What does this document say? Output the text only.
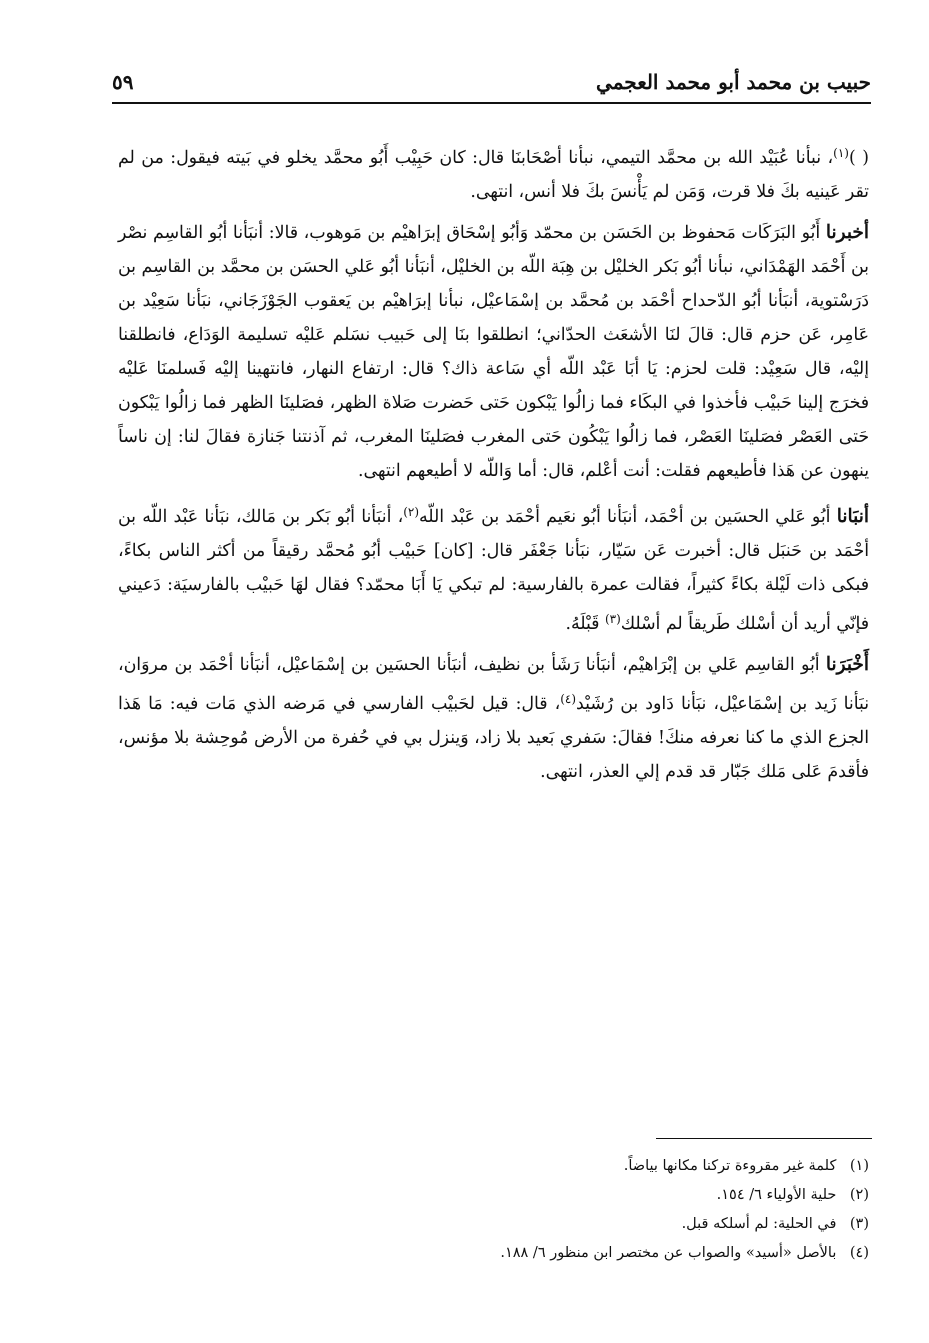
حبيب بن محمد أبو محمد العجمي
٥٩

( )$^{(١)}$، نبأنا عُبَيْد الله بن محمَّد التيمي، نبأنا أصْحَابنَا قال: كان حَبِيْب أَبُو محمَّد يخلو في بَيته فيقول: من لم تقر عَينيه بكَ فلا قرت، وَمَن لم يَأْنسَ بكَ فلا أنس، انتهى.

أخبرنا أَبُو البَرَكَات مَحفوظ بن الحَسَن بن محمّد وَأبُو إسْحَاق إبرَاهيْم بن مَوهوب، قالا: أنبَأنا أبُو القاسِم نصْر بن أَحْمَد الهَمْدَاني، نبأنا أبُو بَكر الخليْل بن هِبَة اللّه بن الخليْل، أنبَأنا أبُو عَلي الحسَن بن محمَّد بن القاسِم بن دَرَسْتوية، أنبَأنا أبُو الدّحداح أحْمَد بن مُحمَّد بن إسْمَاعيْل، نبأنا إبرَاهيْم بن يَعقوب الجَوْزَجَاني، نبَأنا سَعِيْد بن عَامِر، عَن حزم قال: قالَ لنَا الأشعَث الحدّاني؛ انطلقوا بنَا إلى حَبيب نسَلم عَليْه تسليمة الوَدَاع، فانطلقنا إليْه، قال سَعِيْد: قلت لحزم: يَا أبَا عَبْد اللّه أي سَاعة ذاك؟ قال: ارتفاع النهار، فانتهينا إليْه فَسلمنَا عَليْه فخرَج إلينا حَبيْب فأخذوا في البكَاء فما زالُوا يَبْكون حَتى حَضرت صَلاة الظهر، فصَلينَا الظهر فما زالُوا يَبْكون حَتى العَصْر فصَلينَا العَصْر، فما زالُوا يَبْكُون حَتى المغرب فصَلينَا المغرب، ثم آذنتنا جَنازة فقالَ لنا: إن ناساً ينهون عن هَذا فأطيعهم فقلت: أنت أعْلم، قال: أما وَاللّه لا أطيعهم انتهى.

أنبَانا أبُو عَلي الحسَين بن أحْمَد، أنبَأنا أبُو نعَيم أحْمَد بن عَبْد اللّه$^{(٢)}$، أنبَأنا أبُو بَكر بن مَالك، نبَأنا عَبْد اللّه بن أحْمَد بن حَنبَل قال: أخبرت عَن سَيّار، نبَأنا جَعْفَر قال: [كان] حَبيْب أبُو مُحمَّد رقيقاً من أكثر الناس بكاءً، فبكى ذات لَيْلة بكاءً كثيراً، فقالت عمرة بالفارسية: لم تبكي يَا أَبَا محمّد؟ فقال لهَا حَبيْب بالفارسيَة: دَعيني فإنّي أريد أن أسْلك طَريقاً لم أسْلك$^{(٣)}$ قَبْلَهُ.

أَخْبَرَنا أبُو القاسِم عَلي بن إبْرَاهيْم، أنبَأنا رَشَأ بن نظيف، أنبَأنا الحسَين بن إسْمَاعيْل، أنبَأنا أحْمَد بن مروَان، نبَأنا زَيد بن إسْمَاعيْل، نبَأنا دَاود بن رُشَيْد$^{(٤)}$، قال: قيل لحَبيْب الفارسي في مَرضه الذي مَات فيه: مَا هَذا الجزع الذي ما كنا نعرفه منكَ! فقالَ: سَفري بَعيد بلا زاد، وَينزل بي في حُفرة من الأرض مُوحِشة بلا مؤنس، فأقدمَ عَلى مَلك جَبّار قد قدم إلي العذر، انتهى.

(١) كلمة غير مقروءة تركنا مكانها بياضاً.
(٢) حلية الأولياء ٦/ ١٥٤.
(٣) في الحلية: لم أسلكه قبل.
(٤) بالأصل «أسيد» والصواب عن مختصر ابن منظور ٦/ ١٨٨.
